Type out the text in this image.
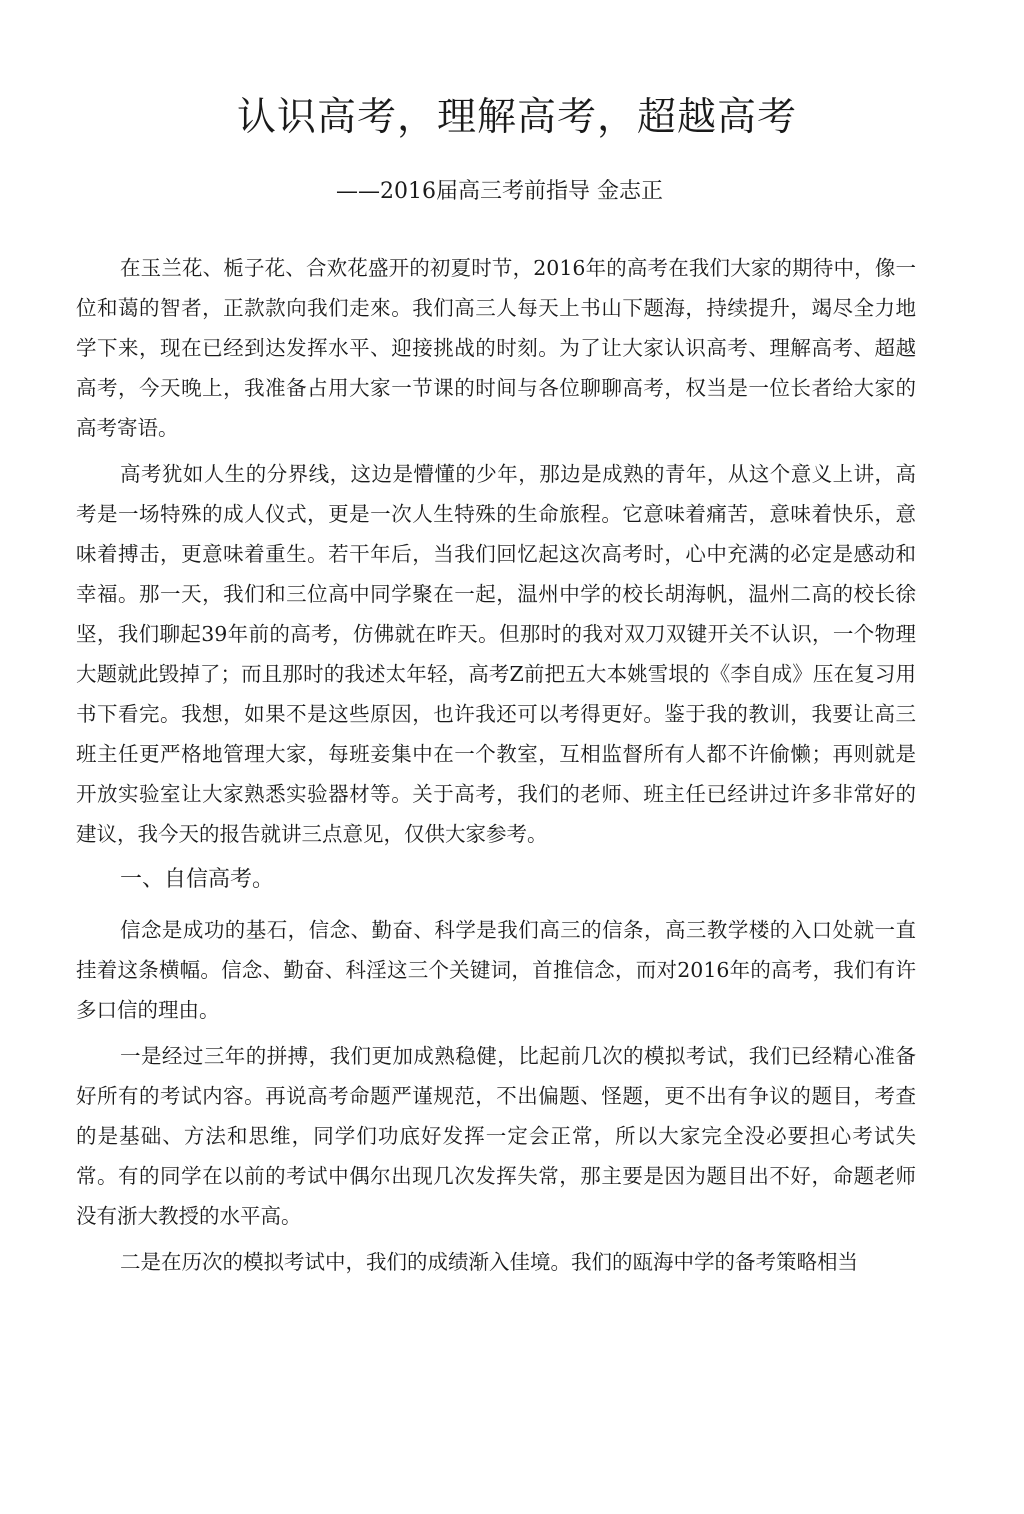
认识高考，理解高考，超越高考
——2016届高三考前指导 金志正

在玉兰花、栀子花、合欢花盛开的初夏时节，2016年的高考在我们大家的期待中，像一位和蔼的智者，正款款向我们走來。我们高三人每天上书山下题海，持续提升，竭尽全力地学下来，现在已经到达发挥水平、迎接挑战的时刻。为了让大家认识高考、理解高考、超越高考，今天晚上，我准备占用大家一节课的时间与各位聊聊高考，权当是一位长者给大家的高考寄语。

高考犹如人生的分界线，这边是懵懂的少年，那边是成熟的青年，从这个意义上讲，高考是一场特殊的成人仪式，更是一次人生特殊的生命旅程。它意味着痛苦，意味着快乐，意味着搏击，更意味着重生。若干年后，当我们回忆起这次高考时，心中充满的必定是感动和幸福。那一天，我们和三位高中同学聚在一起，温州中学的校长胡海帆，温州二高的校长徐坚，我们聊起39年前的高考，仿佛就在昨天。但那时的我对双刀双键开关不认识，一个物理大题就此毁掉了；而且那时的我述太年轻，高考Z前把五大本姚雪垠的《李自成》压在复习用书下看完。我想，如果不是这些原因，也许我还可以考得更好。鉴于我的教训，我要让高三班主任更严格地管理大家，每班妾集中在一个教室，互相监督所有人都不许偷懒；再则就是开放实验室让大家熟悉实验器材等。关于高考，我们的老师、班主任已经讲过许多非常好的建议，我今天的报告就讲三点意见，仅供大家参考。

一、自信高考。

信念是成功的基石，信念、勤奋、科学是我们高三的信条，高三教学楼的入口处就一直挂着这条横幅。信念、勤奋、科淫这三个关键词，首推信念，而对2016年的高考，我们有许多口信的理由。

一是经过三年的拼搏，我们更加成熟稳健，比起前几次的模拟考试，我们已经精心准备好所有的考试内容。再说高考命题严谨规范，不出偏题、怪题，更不出有争议的题目，考查的是基础、方法和思维，同学们功底好发挥一定会正常，所以大家完全没必要担心考试失常。有的同学在以前的考试中偶尔出现几次发挥失常，那主要是因为题目出不好，命题老师没有浙大教授的水平高。

二是在历次的模拟考试中，我们的成绩渐入佳境。我们的瓯海中学的备考策略相当
